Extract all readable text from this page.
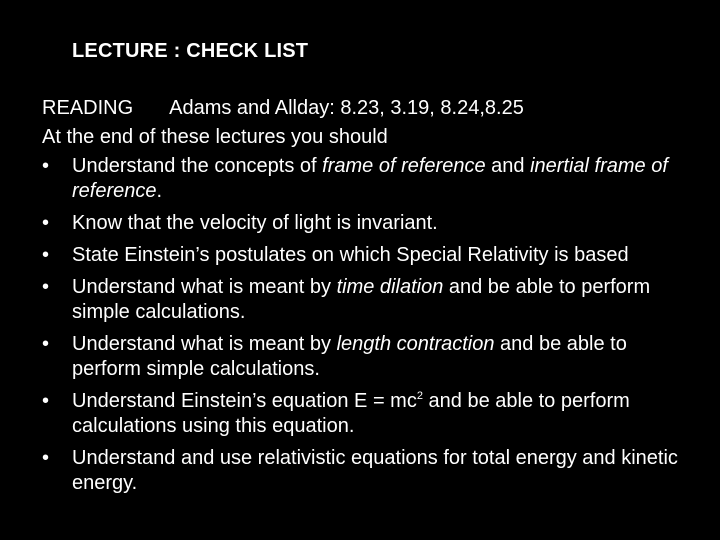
LECTURE : CHECK LIST
READING Adams and Allday: 8.23, 3.19, 8.24,8.25
At the end of these lectures you should
•	Understand the concepts of frame of reference and inertial frame of reference.
•	Know that the velocity of light is invariant.
•	State Einstein’s postulates on which Special Relativity is based
•	Understand what is meant by time dilation and be able to perform simple calculations.
•	Understand what is meant by length contraction and be able to perform simple calculations.
•	Understand Einstein’s equation $E = mc^2$ and be able to perform calculations using this equation.
•	Understand and use relativistic equations for total energy and kinetic energy.
